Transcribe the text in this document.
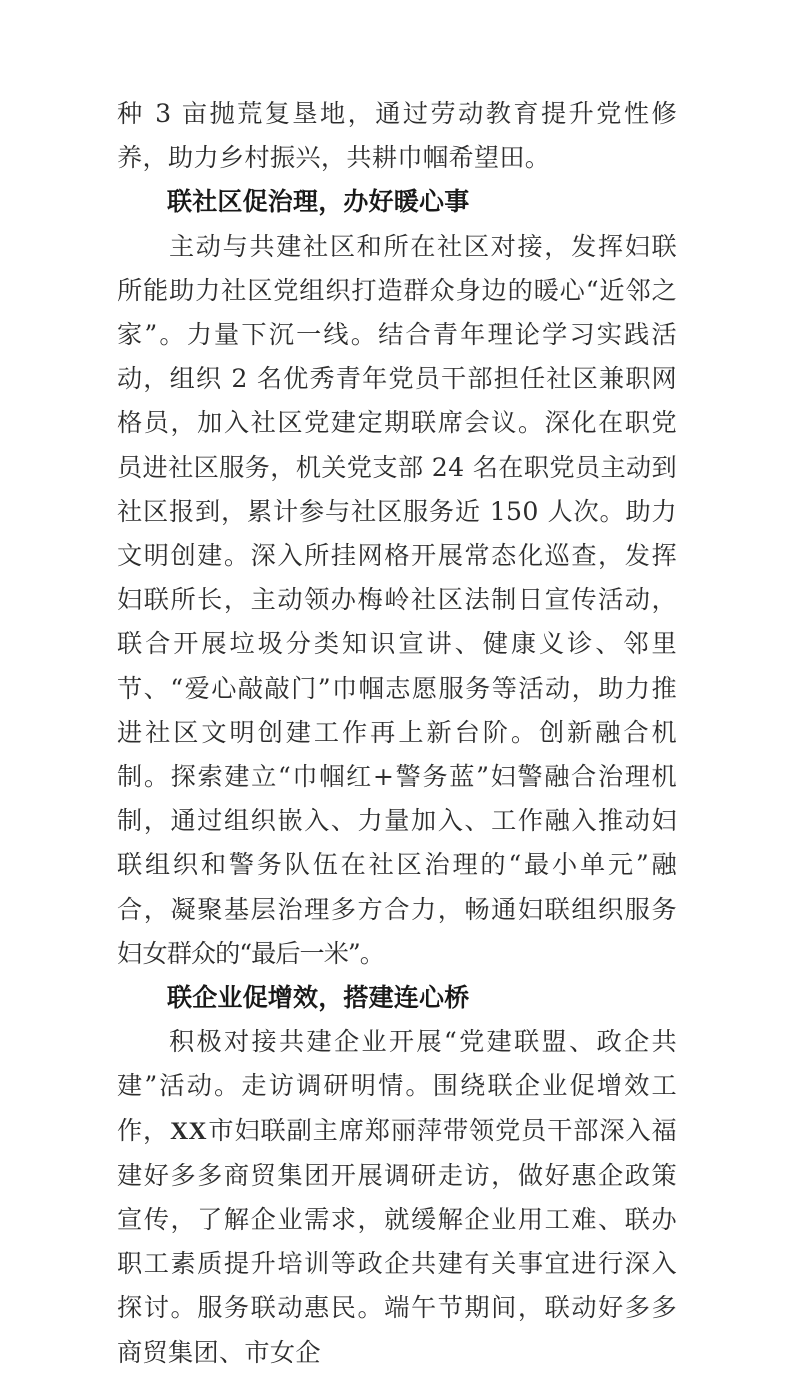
种 3 亩抛荒复垦地，通过劳动教育提升党性修养，助力乡村振兴，共耕巾帼希望田。

联社区促治理，办好暖心事

主动与共建社区和所在社区对接，发挥妇联所能助力社区党组织打造群众身边的暖心“近邻之家”。力量下沉一线。结合青年理论学习实践活动，组织 2 名优秀青年党员干部担任社区兼职网格员，加入社区党建定期联席会议。深化在职党员进社区服务，机关党支部 24 名在职党员主动到社区报到，累计参与社区服务近 150 人次。助力文明创建。深入所挂网格开展常态化巡查，发挥妇联所长，主动领办梅岭社区法制日宣传活动，联合开展垃圾分类知识宣讲、健康义诊、邻里节、“爱心敲敲门”巾帼志愿服务等活动，助力推进社区文明创建工作再上新台阶。创新融合机制。探索建立“巾帼红+警务蓝”妇警融合治理机制，通过组织嵌入、力量加入、工作融入推动妇联组织和警务队伍在社区治理的“最小单元”融合，凝聚基层治理多方合力，畅通妇联组织服务妇女群众的“最后一米”。

联企业促增效，搭建连心桥

积极对接共建企业开展“党建联盟、政企共建”活动。走访调研明情。围绕联企业促增效工作，XX市妇联副主席郑丽萍带领党员干部深入福建好多多商贸集团开展调研走访，做好惠企政策宣传，了解企业需求，就缓解企业用工难、联办职工素质提升培训等政企共建有关事宜进行深入探讨。服务联动惠民。端午节期间，联动好多多商贸集团、市女企
